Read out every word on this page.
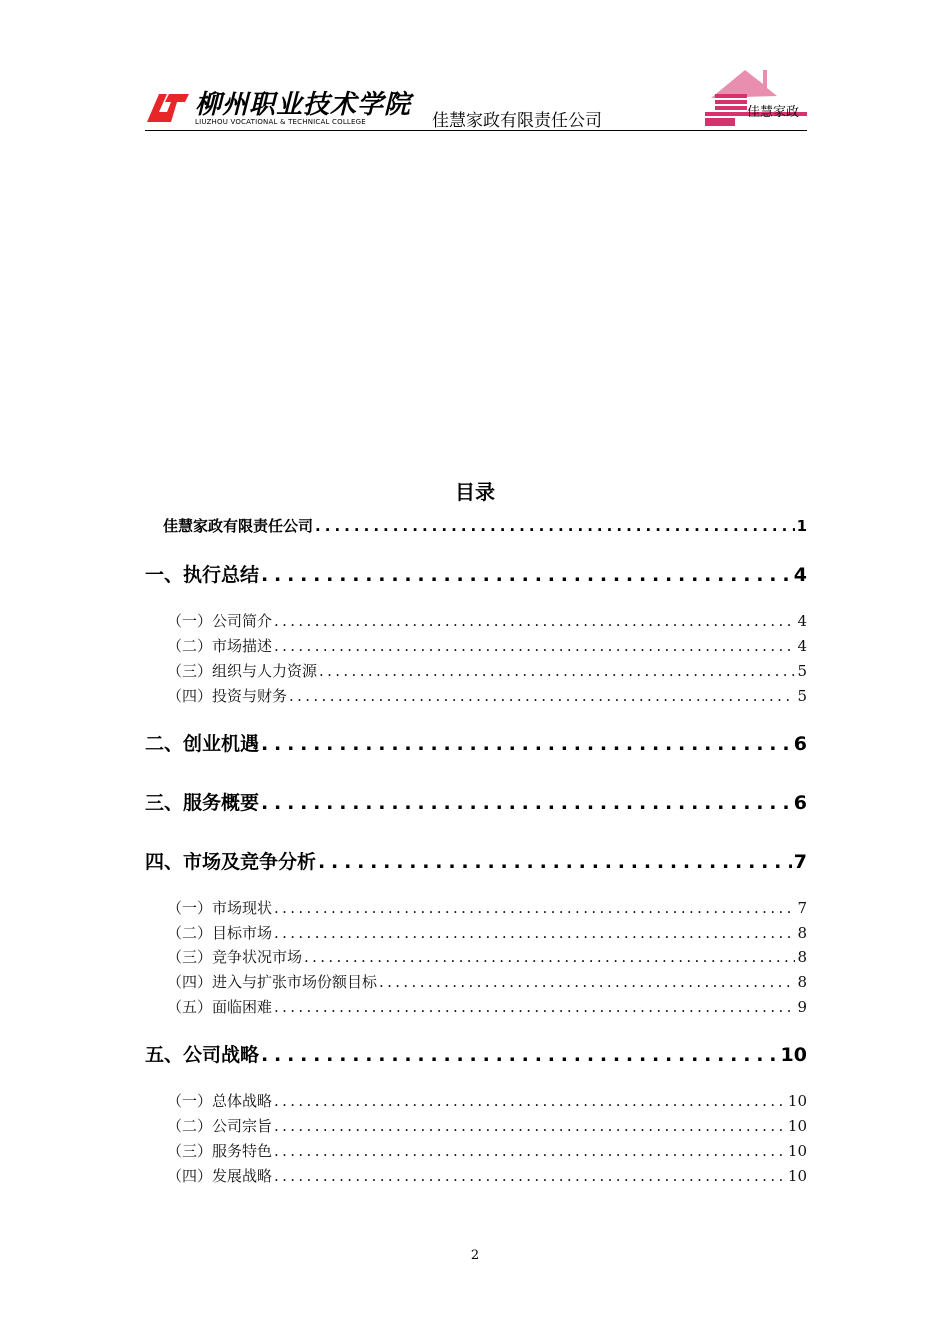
柳州职业技术学院
LIUZHOU VOCATIONAL & TECHNICAL COLLEGE	佳慧家政有限责任公司	佳慧家政
目录
佳慧家政有限责任公司 . . .	1
一、执行总结 . . .	4
（一）公司简介 . . .	4
（二）市场描述 . . .	4
（三）组织与人力资源 . . .	5
（四）投资与财务 . . .	5
二、创业机遇 . . .	6
三、服务概要 . . .	6
四、市场及竞争分析 . . .	7
（一）市场现状 . . .	7
（二）目标市场 . . .	8
（三）竞争状况市场 . . .	8
（四）进入与扩张市场份额目标 . . .	8
（五）面临困难 . . .	9
五、公司战略 . . .	10
（一）总体战略 . . .	10
（二）公司宗旨 . . .	10
（三）服务特色 . . .	10
（四）发展战略 . . .	10
2
